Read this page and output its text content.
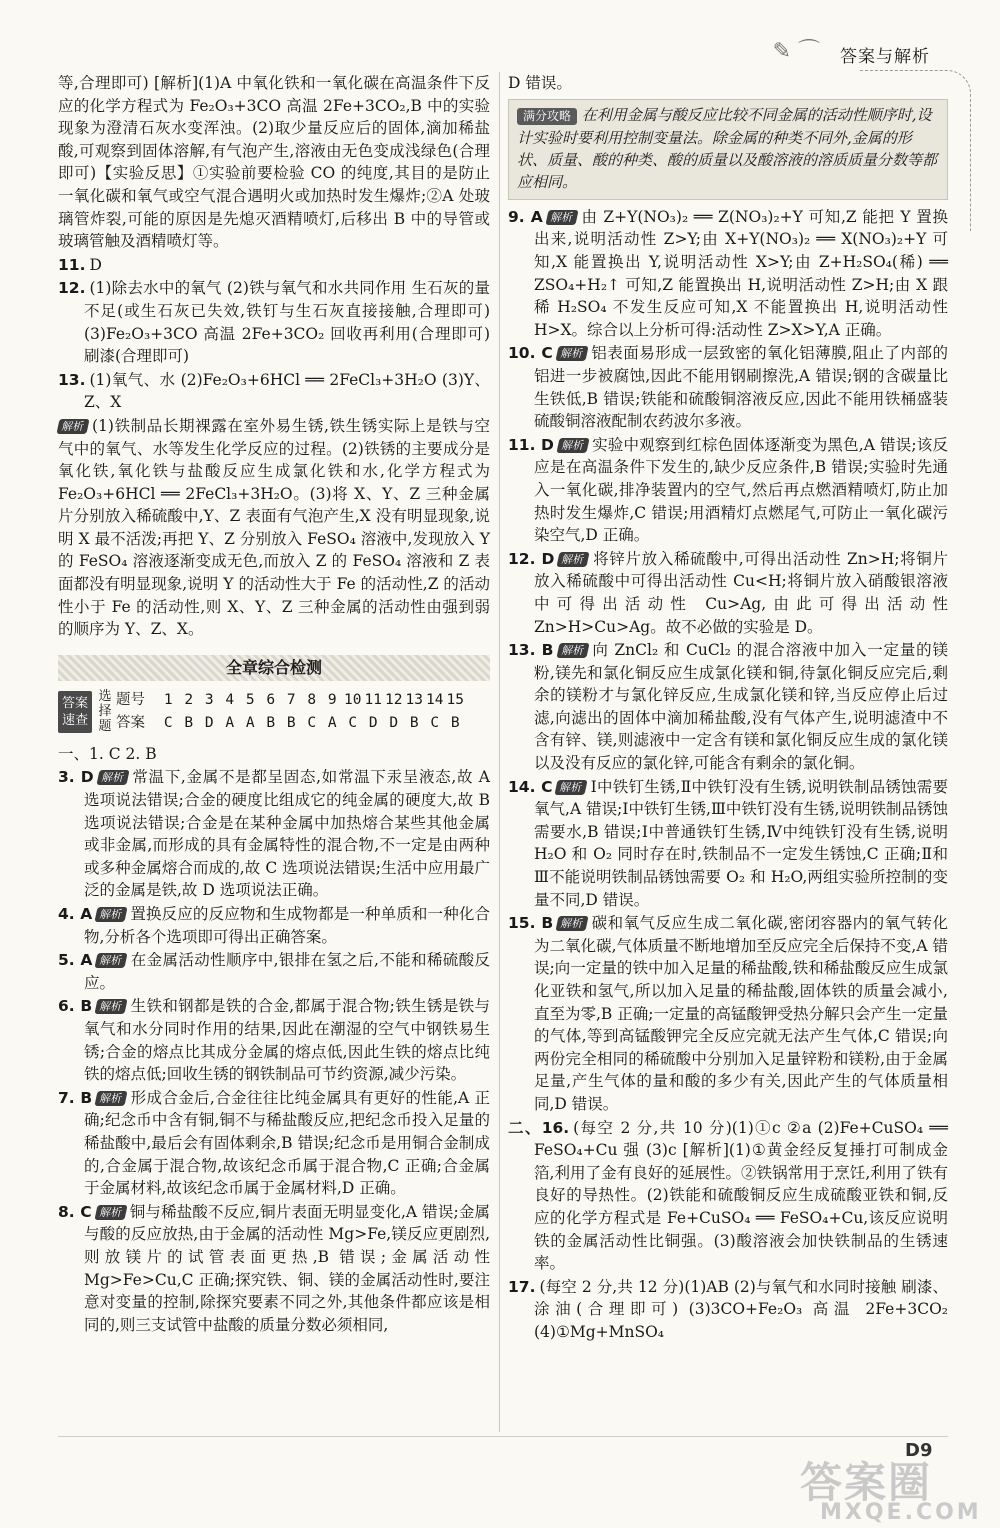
✎ ⌒ 答案与解析

等,合理即可) [解析](1)A 中氧化铁和一氧化碳在高温条件下反应的化学方程式为 Fe₂O₃+3CO 高温 2Fe+3CO₂,B 中的实验现象为澄清石灰水变浑浊。(2)取少量反应后的固体,滴加稀盐酸,可观察到固体溶解,有气泡产生,溶液由无色变成浅绿色(合理即可)【实验反思】①实验前要检验 CO 的纯度,其目的是防止一氧化碳和氧气或空气混合遇明火或加热时发生爆炸;②A 处玻璃管炸裂,可能的原因是先熄灭酒精喷灯,后移出 B 中的导管或玻璃管触及酒精喷灯等。

11. D

12. (1)除去水中的氧气 (2)铁与氧气和水共同作用 生石灰的量不足(或生石灰已失效,铁钉与生石灰直接接触,合理即可) (3)Fe₂O₃+3CO 高温 2Fe+3CO₂ 回收再利用(合理即可) 刷漆(合理即可)

13. (1)氧气、水 (2)Fe₂O₃+6HCl ══ 2FeCl₃+3H₂O (3)Y、Z、X

解析 (1)铁制品长期裸露在室外易生锈,铁生锈实际上是铁与空气中的氧气、水等发生化学反应的过程。(2)铁锈的主要成分是氧化铁,氧化铁与盐酸反应生成氯化铁和水,化学方程式为 Fe₂O₃+6HCl ══ 2FeCl₃+3H₂O。(3)将 X、Y、Z 三种金属片分别放入稀硫酸中,Y、Z 表面有气泡产生,X 没有明显现象,说明 X 最不活泼;再把 Y、Z 分别放入 FeSO₄ 溶液中,发现放入 Y 的 FeSO₄ 溶液逐渐变成无色,而放入 Z 的 FeSO₄ 溶液和 Z 表面都没有明显现象,说明 Y 的活动性大于 Fe 的活动性,Z 的活动性小于 Fe 的活动性,则 X、Y、Z 三种金属的活动性由强到弱的顺序为 Y、Z、X。

全章综合检测
答案速查
选择题
题号	1 2 3 4 5 6 7 8 9 10 11 12 13 14 15
答案	C B D A A B B C A C D D B C B

一、1. C 2. B

3. D 解析 常温下,金属不是都呈固态,如常温下汞呈液态,故 A 选项说法错误;合金的硬度比组成它的纯金属的硬度大,故 B 选项说法错误;合金是在某种金属中加热熔合某些其他金属或非金属,而形成的具有金属特性的混合物,不一定是由两种或多种金属熔合而成的,故 C 选项说法错误;生活中应用最广泛的金属是铁,故 D 选项说法正确。

4. A 解析 置换反应的反应物和生成物都是一种单质和一种化合物,分析各个选项即可得出正确答案。

5. A 解析 在金属活动性顺序中,银排在氢之后,不能和稀硫酸反应。

6. B 解析 生铁和钢都是铁的合金,都属于混合物;铁生锈是铁与氧气和水分同时作用的结果,因此在潮湿的空气中钢铁易生锈;合金的熔点比其成分金属的熔点低,因此生铁的熔点比纯铁的熔点低;回收生锈的钢铁制品可节约资源,减少污染。

7. B 解析 形成合金后,合金往往比纯金属具有更好的性能,A 正确;纪念币中含有铜,铜不与稀盐酸反应,把纪念币投入足量的稀盐酸中,最后会有固体剩余,B 错误;纪念币是用铜合金制成的,合金属于混合物,故该纪念币属于混合物,C 正确;合金属于金属材料,故该纪念币属于金属材料,D 正确。

8. C 解析 铜与稀盐酸不反应,铜片表面无明显变化,A 错误;金属与酸的反应放热,由于金属的活动性 Mg>Fe,镁反应更剧烈,则放镁片的试管表面更热,B 错误;金属活动性 Mg>Fe>Cu,C 正确;探究铁、铜、镁的金属活动性时,要注意对变量的控制,除探究要素不同之外,其他条件都应该是相同的,则三支试管中盐酸的质量分数必须相同,

D 错误。

满分攻略 在利用金属与酸反应比较不同金属的活动性顺序时,设计实验时要利用控制变量法。除金属的种类不同外,金属的形状、质量、酸的种类、酸的质量以及酸溶液的溶质质量分数等都应相同。

9. A 解析 由 Z+Y(NO₃)₂ ══ Z(NO₃)₂+Y 可知,Z 能把 Y 置换出来,说明活动性 Z>Y;由 X+Y(NO₃)₂ ══ X(NO₃)₂+Y 可知,X 能置换出 Y,说明活动性 X>Y;由 Z+H₂SO₄(稀) ══ ZSO₄+H₂↑ 可知,Z 能置换出 H,说明活动性 Z>H;由 X 跟稀 H₂SO₄ 不发生反应可知,X 不能置换出 H,说明活动性 H>X。综合以上分析可得:活动性 Z>X>Y,A 正确。

10. C 解析 铝表面易形成一层致密的氧化铝薄膜,阻止了内部的铝进一步被腐蚀,因此不能用钢刷擦洗,A 错误;钢的含碳量比生铁低,B 错误;铁能和硫酸铜溶液反应,因此不能用铁桶盛装硫酸铜溶液配制农药波尔多液。

11. D 解析 实验中观察到红棕色固体逐渐变为黑色,A 错误;该反应是在高温条件下发生的,缺少反应条件,B 错误;实验时先通入一氧化碳,排净装置内的空气,然后再点燃酒精喷灯,防止加热时发生爆炸,C 错误;用酒精灯点燃尾气,可防止一氧化碳污染空气,D 正确。

12. D 解析 将锌片放入稀硫酸中,可得出活动性 Zn>H;将铜片放入稀硫酸中可得出活动性 Cu<H;将铜片放入硝酸银溶液中可得出活动性 Cu>Ag,由此可得出活动性 Zn>H>Cu>Ag。故不必做的实验是 D。

13. B 解析 向 ZnCl₂ 和 CuCl₂ 的混合溶液中加入一定量的镁粉,镁先和氯化铜反应生成氯化镁和铜,待氯化铜反应完后,剩余的镁粉才与氯化锌反应,生成氯化镁和锌,当反应停止后过滤,向滤出的固体中滴加稀盐酸,没有气体产生,说明滤渣中不含有锌、镁,则滤液中一定含有镁和氯化铜反应生成的氯化镁以及没有反应的氯化锌,可能含有剩余的氯化铜。

14. C 解析 Ⅰ中铁钉生锈,Ⅱ中铁钉没有生锈,说明铁制品锈蚀需要氧气,A 错误;Ⅰ中铁钉生锈,Ⅲ中铁钉没有生锈,说明铁制品锈蚀需要水,B 错误;Ⅰ中普通铁钉生锈,Ⅳ中纯铁钉没有生锈,说明 H₂O 和 O₂ 同时存在时,铁制品不一定发生锈蚀,C 正确;Ⅱ和Ⅲ不能说明铁制品锈蚀需要 O₂ 和 H₂O,两组实验所控制的变量不同,D 错误。

15. B 解析 碳和氧气反应生成二氧化碳,密闭容器内的氧气转化为二氧化碳,气体质量不断地增加至反应完全后保持不变,A 错误;向一定量的铁中加入足量的稀盐酸,铁和稀盐酸反应生成氯化亚铁和氢气,所以加入足量的稀盐酸,固体铁的质量会减小,直至为零,B 正确;一定量的高锰酸钾受热分解只会产生一定量的气体,等到高锰酸钾完全反应完就无法产生气体,C 错误;向两份完全相同的稀硫酸中分别加入足量锌粉和镁粉,由于金属足量,产生气体的量和酸的多少有关,因此产生的气体质量相同,D 错误。

二、16. (每空 2 分,共 10 分)(1)①c ②a (2)Fe+CuSO₄ ══ FeSO₄+Cu 强 (3)c [解析](1)①黄金经反复捶打可制成金箔,利用了金有良好的延展性。②铁锅常用于烹饪,利用了铁有良好的导热性。(2)铁能和硫酸铜反应生成硫酸亚铁和铜,反应的化学方程式是 Fe+CuSO₄ ══ FeSO₄+Cu,该反应说明铁的金属活动性比铜强。(3)酸溶液会加快铁制品的生锈速率。

17. (每空 2 分,共 12 分)(1)AB (2)与氧气和水同时接触 刷漆、涂油(合理即可) (3)3CO+Fe₂O₃ 高温 2Fe+3CO₂ (4)①Mg+MnSO₄

D9
答案圈
MXQE.COM
